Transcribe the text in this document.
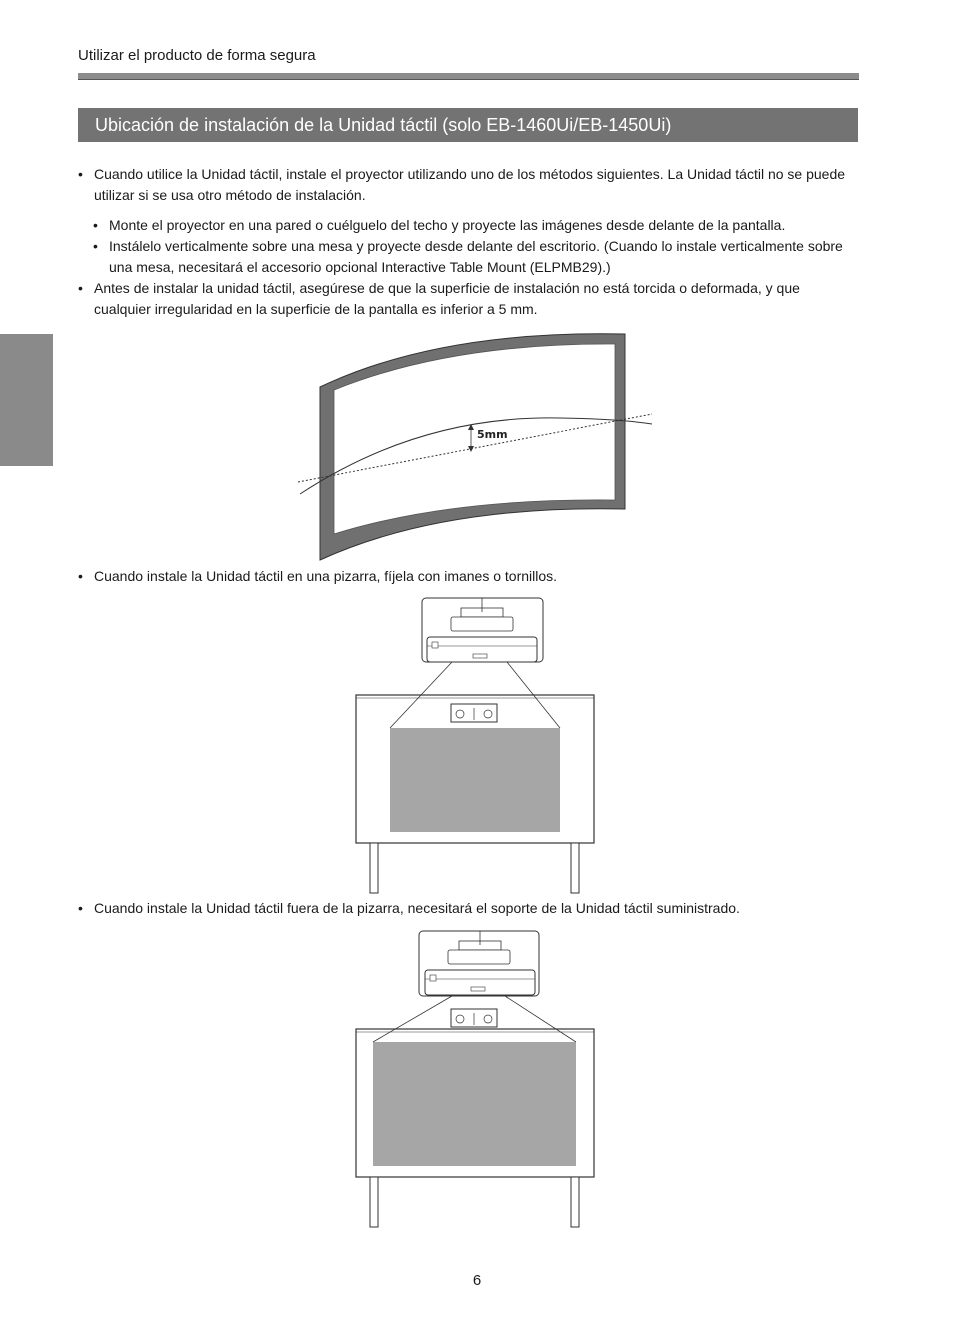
Utilizar el producto de forma segura
Ubicación de instalación de la Unidad táctil (solo EB-1460Ui/EB-1450Ui)
• Cuando utilice la Unidad táctil, instale el proyector utilizando uno de los métodos siguientes. La Unidad táctil no se puede utilizar si se usa otro método de instalación.
• Monte el proyector en una pared o cuélguelo del techo y proyecte las imágenes desde delante de la pantalla.
• Instálelo verticalmente sobre una mesa y proyecte desde delante del escritorio. (Cuando lo instale verticalmente sobre una mesa, necesitará el accesorio opcional Interactive Table Mount (ELPMB29).)
• Antes de instalar la unidad táctil, asegúrese de que la superficie de instalación no está torcida o deformada, y que cualquier irregularidad en la superficie de la pantalla es inferior a 5 mm.
5mm
• Cuando instale la Unidad táctil en una pizarra, fíjela con imanes o tornillos.
• Cuando instale la Unidad táctil fuera de la pizarra, necesitará el soporte de la Unidad táctil suministrado.
6
